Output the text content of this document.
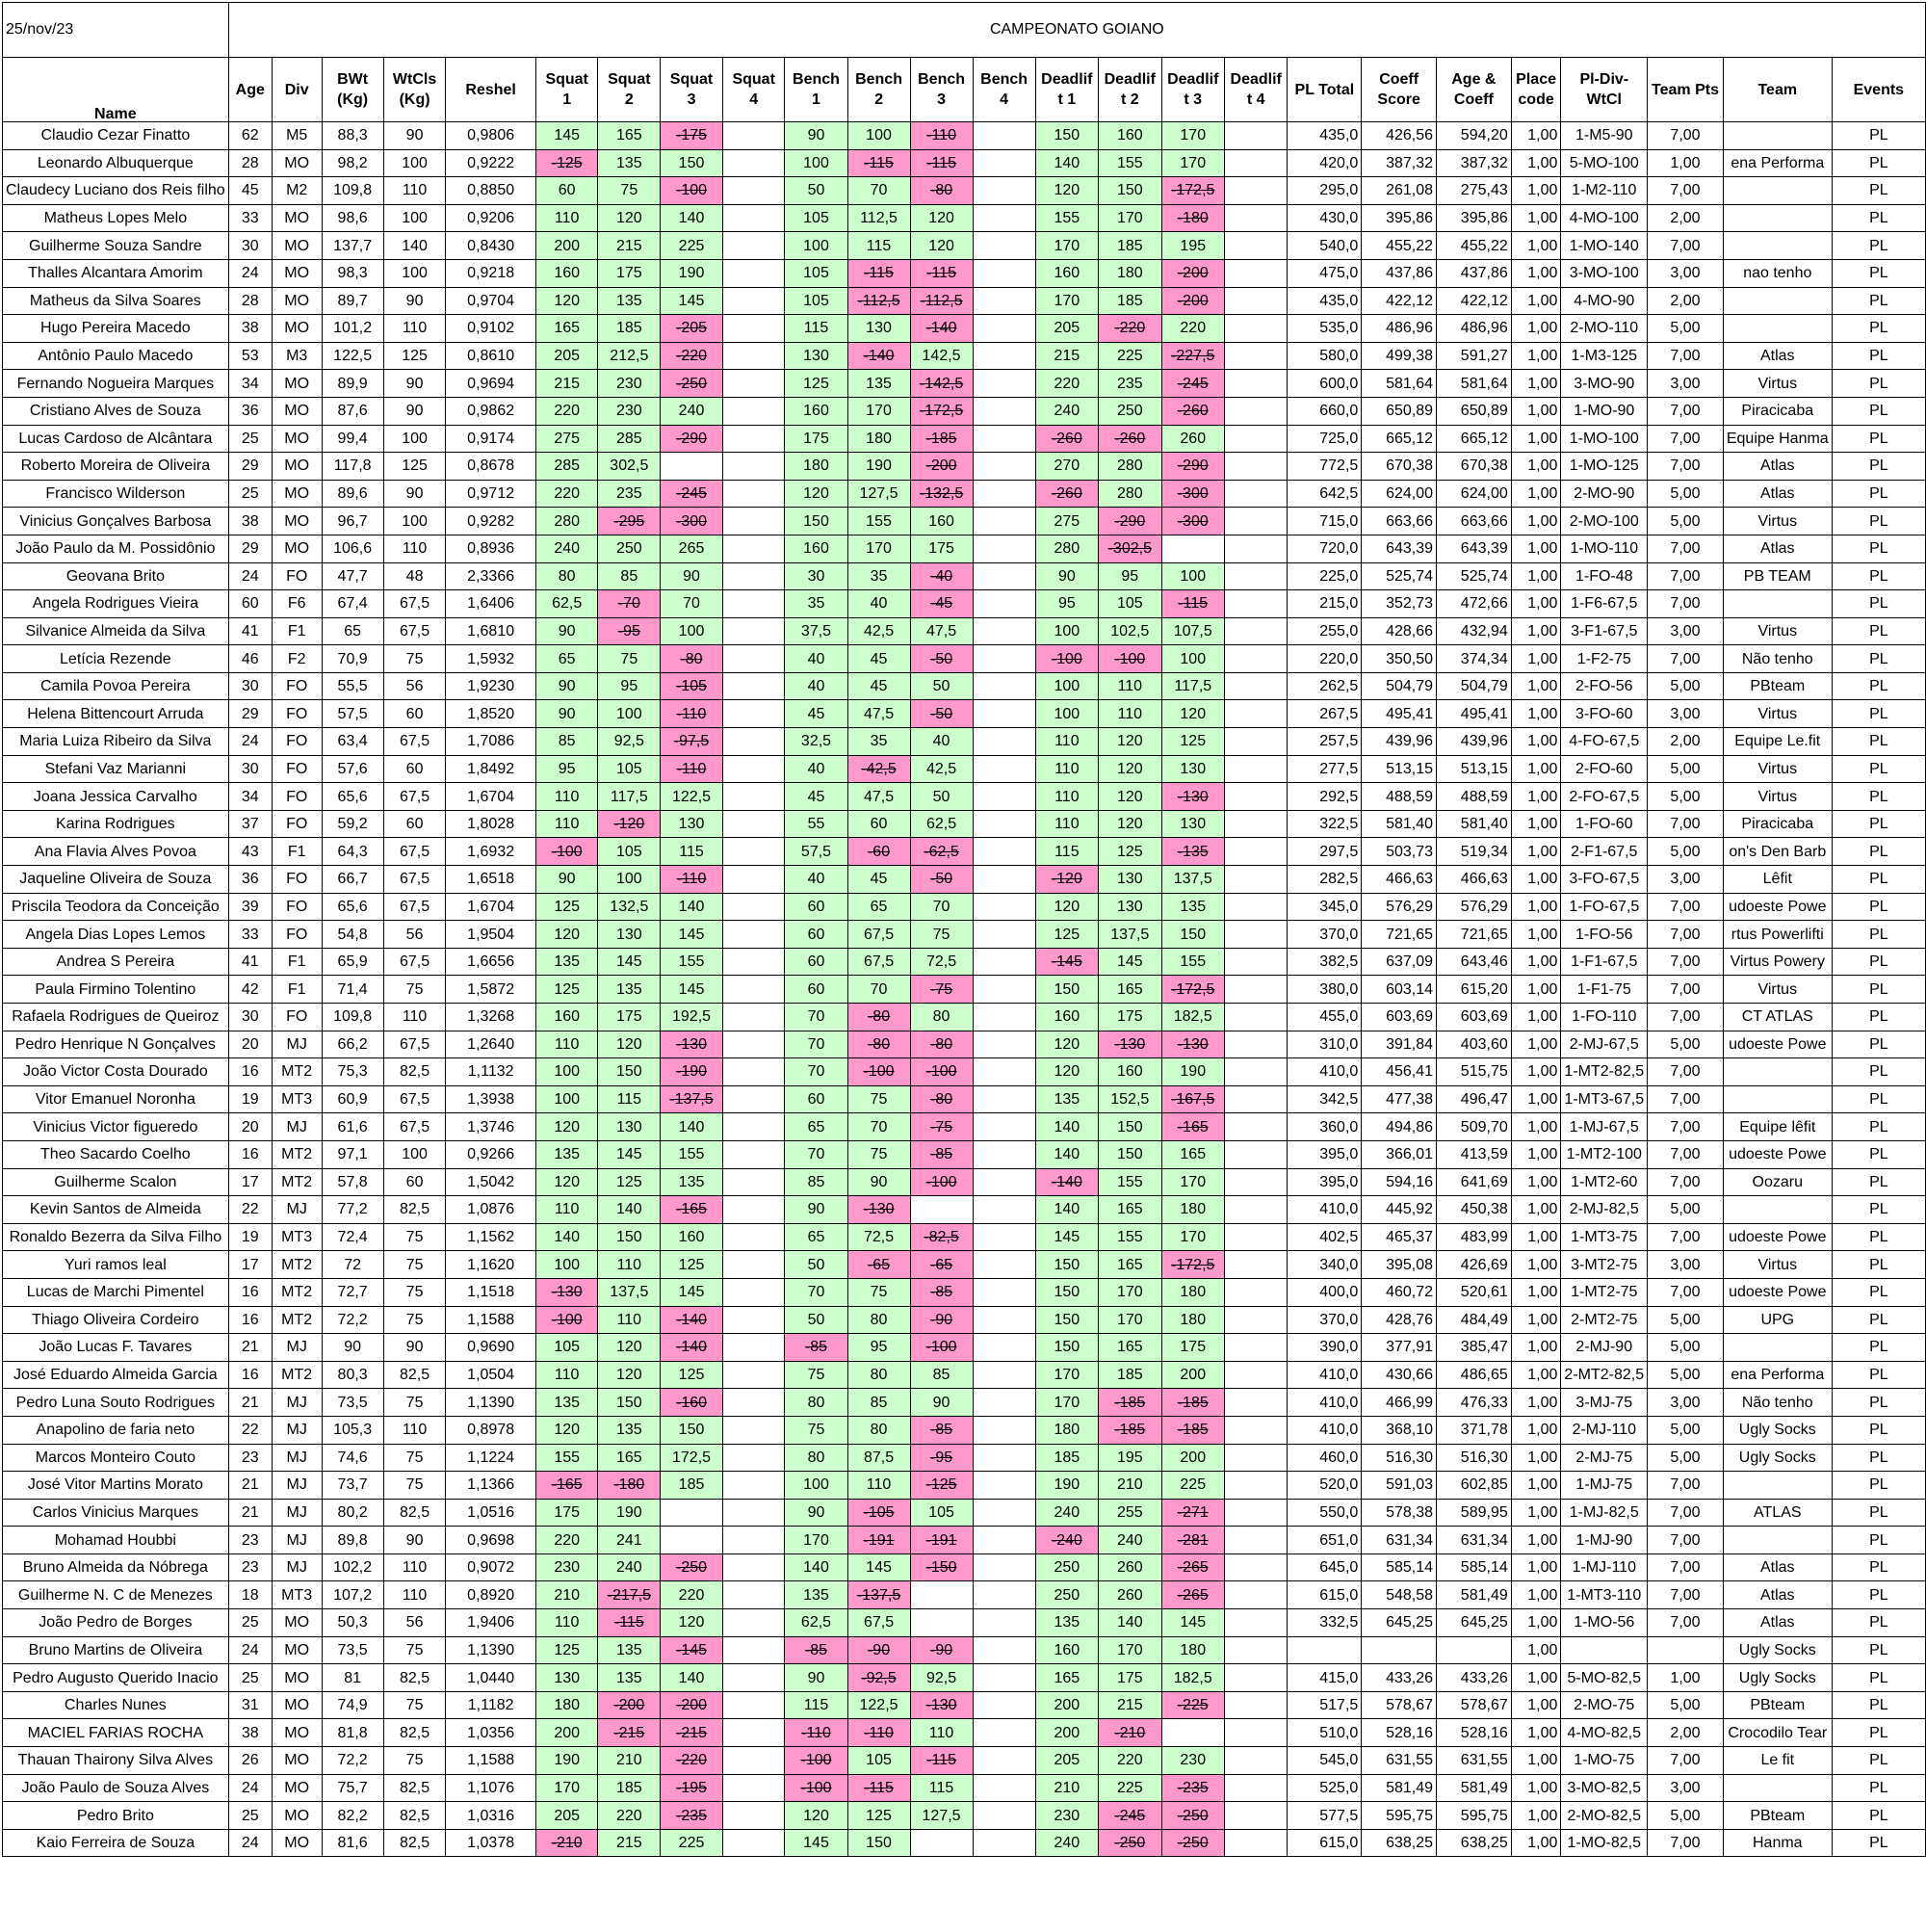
25/nov/23	CAMPEONATO GOIANO																								
Name	Age	Div	BWt (Kg)	WtCls (Kg)	Reshel	Squat 1	Squat 2	Squat 3	Squat 4	Bench 1	Bench 2	Bench 3	Bench 4	Deadlif t 1	Deadlif t 2	Deadlif t 3	Deadlif t 4	PL Total	Coeff Score	Age & Coeff	Place code	Pl-Div-WtCl	Team Pts	Team	Events
Claudio Cezar Finatto	62	M5	88,3	90	0,9806	145	165	-175		90	100	-110		150	160	170		435,0	426,56	594,20	1,00	1-M5-90	7,00		PL
Leonardo Albuquerque	28	MO	98,2	100	0,9222	-125	135	150		100	-115	-115		140	155	170		420,0	387,32	387,32	1,00	5-MO-100	1,00	ena Performa	PL
Claudecy Luciano dos Reis filho	45	M2	109,8	110	0,8850	60	75	-100		50	70	-80		120	150	-172,5		295,0	261,08	275,43	1,00	1-M2-110	7,00		PL
Matheus Lopes Melo	33	MO	98,6	100	0,9206	110	120	140		105	112,5	120		155	170	-180		430,0	395,86	395,86	1,00	4-MO-100	2,00		PL
Guilherme Souza Sandre	30	MO	137,7	140	0,8430	200	215	225		100	115	120		170	185	195		540,0	455,22	455,22	1,00	1-MO-140	7,00		PL
Thalles Alcantara Amorim	24	MO	98,3	100	0,9218	160	175	190		105	-115	-115		160	180	-200		475,0	437,86	437,86	1,00	3-MO-100	3,00	nao tenho	PL
Matheus da Silva Soares	28	MO	89,7	90	0,9704	120	135	145		105	-112,5	-112,5		170	185	-200		435,0	422,12	422,12	1,00	4-MO-90	2,00		PL
Hugo Pereira Macedo	38	MO	101,2	110	0,9102	165	185	-205		115	130	-140		205	-220	220		535,0	486,96	486,96	1,00	2-MO-110	5,00		PL
Antônio Paulo Macedo	53	M3	122,5	125	0,8610	205	212,5	-220		130	-140	142,5		215	225	-227,5		580,0	499,38	591,27	1,00	1-M3-125	7,00	Atlas	PL
Fernando Nogueira Marques	34	MO	89,9	90	0,9694	215	230	-250		125	135	-142,5		220	235	-245		600,0	581,64	581,64	1,00	3-MO-90	3,00	Virtus	PL
Cristiano Alves de Souza	36	MO	87,6	90	0,9862	220	230	240		160	170	-172,5		240	250	-260		660,0	650,89	650,89	1,00	1-MO-90	7,00	Piracicaba	PL
Lucas Cardoso de Alcântara	25	MO	99,4	100	0,9174	275	285	-290		175	180	-185		-260	-260	260		725,0	665,12	665,12	1,00	1-MO-100	7,00	Equipe Hanma	PL
Roberto Moreira de Oliveira	29	MO	117,8	125	0,8678	285	302,5			180	190	-200		270	280	-290		772,5	670,38	670,38	1,00	1-MO-125	7,00	Atlas	PL
Francisco Wilderson	25	MO	89,6	90	0,9712	220	235	-245		120	127,5	-132,5		-260	280	-300		642,5	624,00	624,00	1,00	2-MO-90	5,00	Atlas	PL
Vinicius Gonçalves Barbosa	38	MO	96,7	100	0,9282	280	-295	-300		150	155	160		275	-290	-300		715,0	663,66	663,66	1,00	2-MO-100	5,00	Virtus	PL
João Paulo da M. Possidônio	29	MO	106,6	110	0,8936	240	250	265		160	170	175		280	-302,5			720,0	643,39	643,39	1,00	1-MO-110	7,00	Atlas	PL
Geovana Brito	24	FO	47,7	48	2,3366	80	85	90		30	35	-40		90	95	100		225,0	525,74	525,74	1,00	1-FO-48	7,00	PB TEAM	PL
Angela Rodrigues Vieira	60	F6	67,4	67,5	1,6406	62,5	-70	70		35	40	-45		95	105	-115		215,0	352,73	472,66	1,00	1-F6-67,5	7,00		PL
Silvanice Almeida da Silva	41	F1	65	67,5	1,6810	90	-95	100		37,5	42,5	47,5		100	102,5	107,5		255,0	428,66	432,94	1,00	3-F1-67,5	3,00	Virtus	PL
Letícia Rezende	46	F2	70,9	75	1,5932	65	75	-80		40	45	-50		-100	-100	100		220,0	350,50	374,34	1,00	1-F2-75	7,00	Não tenho	PL
Camila Povoa Pereira	30	FO	55,5	56	1,9230	90	95	-105		40	45	50		100	110	117,5		262,5	504,79	504,79	1,00	2-FO-56	5,00	PBteam	PL
Helena Bittencourt Arruda	29	FO	57,5	60	1,8520	90	100	-110		45	47,5	-50		100	110	120		267,5	495,41	495,41	1,00	3-FO-60	3,00	Virtus	PL
Maria Luiza Ribeiro da Silva	24	FO	63,4	67,5	1,7086	85	92,5	-97,5		32,5	35	40		110	120	125		257,5	439,96	439,96	1,00	4-FO-67,5	2,00	Equipe Le.fit	PL
Stefani Vaz Marianni	30	FO	57,6	60	1,8492	95	105	-110		40	-42,5	42,5		110	120	130		277,5	513,15	513,15	1,00	2-FO-60	5,00	Virtus	PL
Joana Jessica Carvalho	34	FO	65,6	67,5	1,6704	110	117,5	122,5		45	47,5	50		110	120	-130		292,5	488,59	488,59	1,00	2-FO-67,5	5,00	Virtus	PL
Karina Rodrigues	37	FO	59,2	60	1,8028	110	-120	130		55	60	62,5		110	120	130		322,5	581,40	581,40	1,00	1-FO-60	7,00	Piracicaba	PL
Ana Flavia Alves Povoa	43	F1	64,3	67,5	1,6932	-100	105	115		57,5	-60	-62,5		115	125	-135		297,5	503,73	519,34	1,00	2-F1-67,5	5,00	on's Den Barb	PL
Jaqueline Oliveira de Souza	36	FO	66,7	67,5	1,6518	90	100	-110		40	45	-50		-120	130	137,5		282,5	466,63	466,63	1,00	3-FO-67,5	3,00	Lêfit	PL
Priscila Teodora da Conceição	39	FO	65,6	67,5	1,6704	125	132,5	140		60	65	70		120	130	135		345,0	576,29	576,29	1,00	1-FO-67,5	7,00	udoeste Powe	PL
Angela Dias Lopes Lemos	33	FO	54,8	56	1,9504	120	130	145		60	67,5	75		125	137,5	150		370,0	721,65	721,65	1,00	1-FO-56	7,00	rtus Powerlifti	PL
Andrea S Pereira	41	F1	65,9	67,5	1,6656	135	145	155		60	67,5	72,5		-145	145	155		382,5	637,09	643,46	1,00	1-F1-67,5	7,00	Virtus Powery	PL
Paula Firmino Tolentino	42	F1	71,4	75	1,5872	125	135	145		60	70	-75		150	165	-172,5		380,0	603,14	615,20	1,00	1-F1-75	7,00	Virtus	PL
Rafaela Rodrigues de Queiroz	30	FO	109,8	110	1,3268	160	175	192,5		70	-80	80		160	175	182,5		455,0	603,69	603,69	1,00	1-FO-110	7,00	CT ATLAS	PL
Pedro Henrique N Gonçalves	20	MJ	66,2	67,5	1,2640	110	120	-130		70	-80	-80		120	-130	-130		310,0	391,84	403,60	1,00	2-MJ-67,5	5,00	udoeste Powe	PL
João Victor Costa Dourado	16	MT2	75,3	82,5	1,1132	100	150	-190		70	-100	-100		120	160	190		410,0	456,41	515,75	1,00	1-MT2-82,5	7,00		PL
Vitor Emanuel Noronha	19	MT3	60,9	67,5	1,3938	100	115	-137,5		60	75	-80		135	152,5	-167,5		342,5	477,38	496,47	1,00	1-MT3-67,5	7,00		PL
Vinicius Victor figueredo	20	MJ	61,6	67,5	1,3746	120	130	140		65	70	-75		140	150	-165		360,0	494,86	509,70	1,00	1-MJ-67,5	7,00	Equipe lêfit	PL
Theo Sacardo Coelho	16	MT2	97,1	100	0,9266	135	145	155		70	75	-85		140	150	165		395,0	366,01	413,59	1,00	1-MT2-100	7,00	udoeste Powe	PL
Guilherme Scalon	17	MT2	57,8	60	1,5042	120	125	135		85	90	-100		-140	155	170		395,0	594,16	641,69	1,00	1-MT2-60	7,00	Oozaru	PL
Kevin Santos de Almeida	22	MJ	77,2	82,5	1,0876	110	140	-165		90	-130			140	165	180		410,0	445,92	450,38	1,00	2-MJ-82,5	5,00		PL
Ronaldo Bezerra da Silva Filho	19	MT3	72,4	75	1,1562	140	150	160		65	72,5	-82,5		145	155	170		402,5	465,37	483,99	1,00	1-MT3-75	7,00	udoeste Powe	PL
Yuri ramos leal	17	MT2	72	75	1,1620	100	110	125		50	-65	-65		150	165	-172,5		340,0	395,08	426,69	1,00	3-MT2-75	3,00	Virtus	PL
Lucas de Marchi Pimentel	16	MT2	72,7	75	1,1518	-130	137,5	145		70	75	-85		150	170	180		400,0	460,72	520,61	1,00	1-MT2-75	7,00	udoeste Powe	PL
Thiago Oliveira Cordeiro	16	MT2	72,2	75	1,1588	-100	110	-140		50	80	-90		150	170	180		370,0	428,76	484,49	1,00	2-MT2-75	5,00	UPG	PL
João Lucas F. Tavares	21	MJ	90	90	0,9690	105	120	-140		-85	95	-100		150	165	175		390,0	377,91	385,47	1,00	2-MJ-90	5,00		PL
José Eduardo Almeida Garcia	16	MT2	80,3	82,5	1,0504	110	120	125		75	80	85		170	185	200		410,0	430,66	486,65	1,00	2-MT2-82,5	5,00	ena Performa	PL
Pedro Luna Souto Rodrigues	21	MJ	73,5	75	1,1390	135	150	-160		80	85	90		170	-185	-185		410,0	466,99	476,33	1,00	3-MJ-75	3,00	Não tenho	PL
Anapolino de faria neto	22	MJ	105,3	110	0,8978	120	135	150		75	80	-85		180	-185	-185		410,0	368,10	371,78	1,00	2-MJ-110	5,00	Ugly Socks	PL
Marcos Monteiro Couto	23	MJ	74,6	75	1,1224	155	165	172,5		80	87,5	-95		185	195	200		460,0	516,30	516,30	1,00	2-MJ-75	5,00	Ugly Socks	PL
José Vitor Martins Morato	21	MJ	73,7	75	1,1366	-165	-180	185		100	110	-125		190	210	225		520,0	591,03	602,85	1,00	1-MJ-75	7,00		PL
Carlos Vinicius Marques	21	MJ	80,2	82,5	1,0516	175	190			90	-105	105		240	255	-271		550,0	578,38	589,95	1,00	1-MJ-82,5	7,00	ATLAS	PL
Mohamad Houbbi	23	MJ	89,8	90	0,9698	220	241			170	-191	-191		-240	240	-281		651,0	631,34	631,34	1,00	1-MJ-90	7,00		PL
Bruno Almeida da Nóbrega	23	MJ	102,2	110	0,9072	230	240	-250		140	145	-150		250	260	-265		645,0	585,14	585,14	1,00	1-MJ-110	7,00	Atlas	PL
Guilherme N. C de Menezes	18	MT3	107,2	110	0,8920	210	-217,5	220		135	-137,5			250	260	-265		615,0	548,58	581,49	1,00	1-MT3-110	7,00	Atlas	PL
João Pedro de Borges	25	MO	50,3	56	1,9406	110	-115	120		62,5	67,5			135	140	145		332,5	645,25	645,25	1,00	1-MO-56	7,00	Atlas	PL
Bruno Martins de Oliveira	24	MO	73,5	75	1,1390	125	135	-145		-85	-90	-90		160	170	180					1,00			Ugly Socks	PL
Pedro Augusto Querido Inacio	25	MO	81	82,5	1,0440	130	135	140		90	-92,5	92,5		165	175	182,5		415,0	433,26	433,26	1,00	5-MO-82,5	1,00	Ugly Socks	PL
Charles Nunes	31	MO	74,9	75	1,1182	180	-200	-200		115	122,5	-130		200	215	-225		517,5	578,67	578,67	1,00	2-MO-75	5,00	PBteam	PL
MACIEL FARIAS ROCHA	38	MO	81,8	82,5	1,0356	200	-215	-215		-110	-110	110		200	-210			510,0	528,16	528,16	1,00	4-MO-82,5	2,00	Crocodilo Tear	PL
Thauan Thairony Silva Alves	26	MO	72,2	75	1,1588	190	210	-220		-100	105	-115		205	220	230		545,0	631,55	631,55	1,00	1-MO-75	7,00	Le fit	PL
João Paulo de Souza Alves	24	MO	75,7	82,5	1,1076	170	185	-195		-100	-115	115		210	225	-235		525,0	581,49	581,49	1,00	3-MO-82,5	3,00		PL
Pedro Brito	25	MO	82,2	82,5	1,0316	205	220	-235		120	125	127,5		230	-245	-250		577,5	595,75	595,75	1,00	2-MO-82,5	5,00	PBteam	PL
Kaio Ferreira de Souza	24	MO	81,6	82,5	1,0378	-210	215	225		145	150			240	-250	-250		615,0	638,25	638,25	1,00	1-MO-82,5	7,00	Hanma	PL
